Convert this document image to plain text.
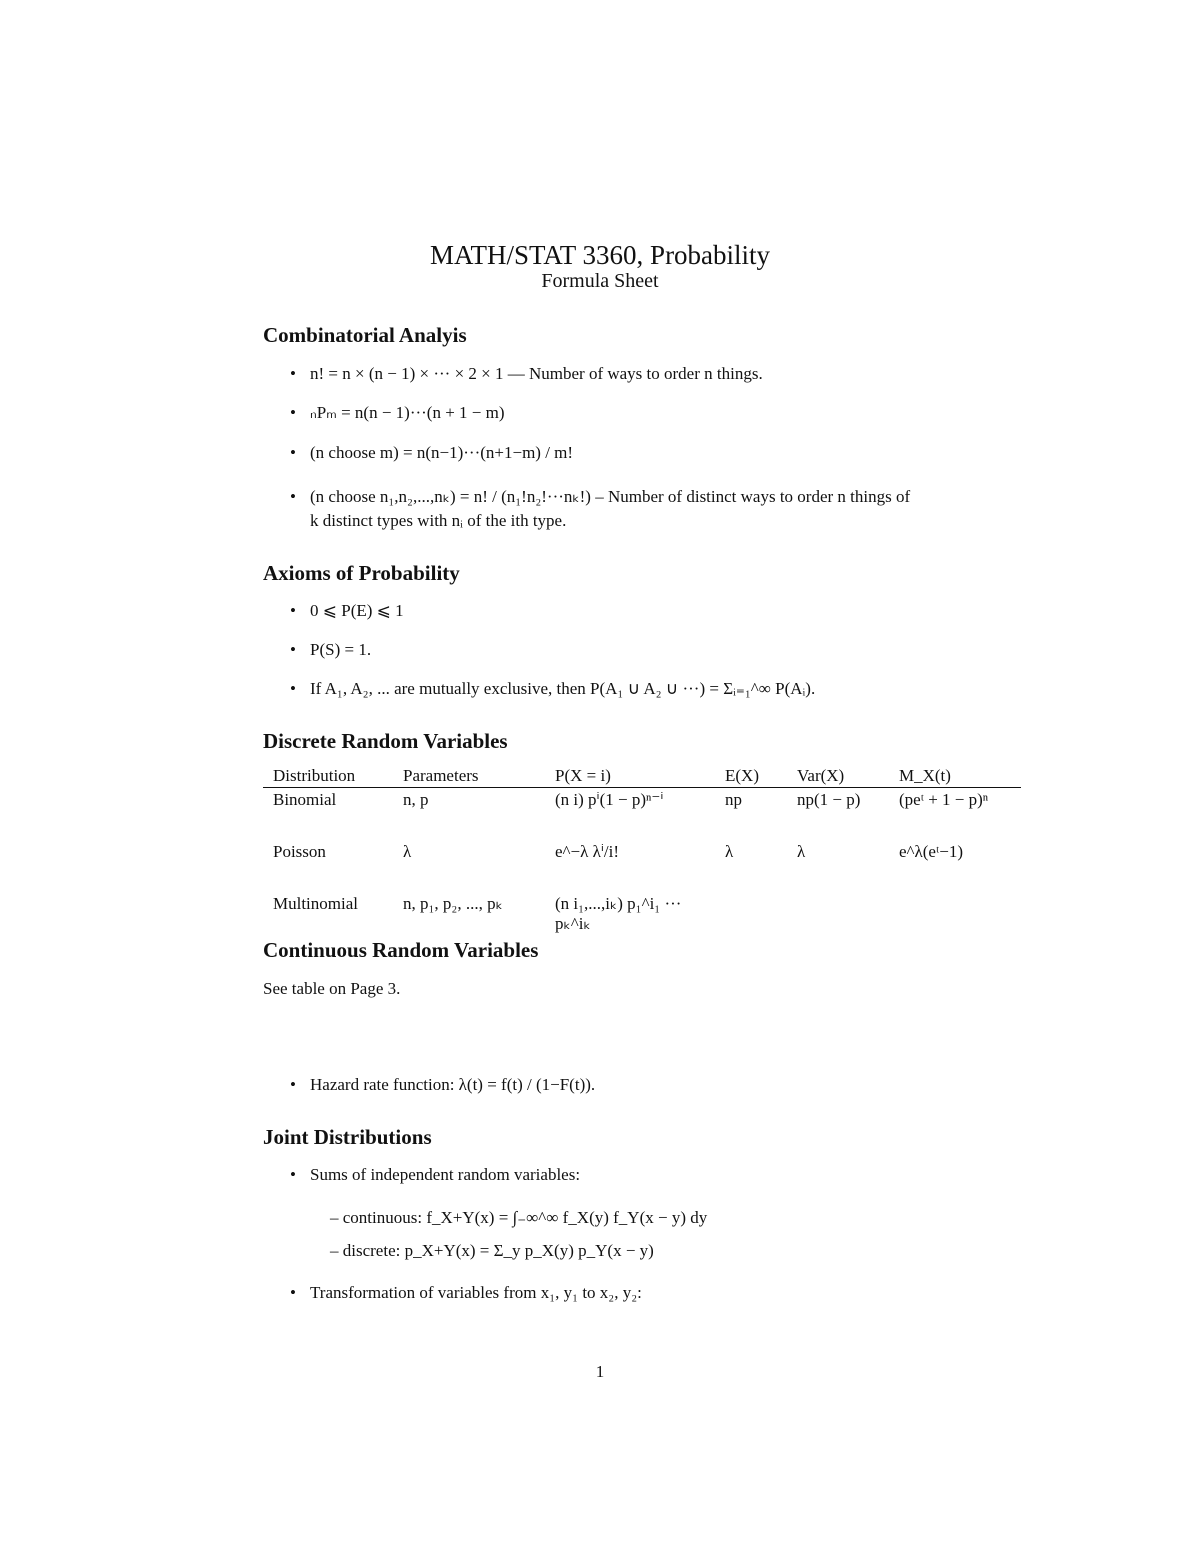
MATH/STAT 3360, Probability
Formula Sheet
Combinatorial Analyis
• n! = n × (n − 1) × ··· × 2 × 1 — Number of ways to order n things.
• ₙPₘ = n(n − 1)···(n + 1 − m)
• (n choose m) = n(n−1)···(n+1−m) / m!
• (n choose n₁,n₂,...,nₖ) = n! / (n₁!n₂!···nₖ!) – Number of distinct ways to order n things of
k distinct types with nᵢ of the ith type.
Axioms of Probability
• 0 ⩽ P(E) ⩽ 1
• P(S) = 1.
• If A₁, A₂, ... are mutually exclusive, then P(A₁ ∪ A₂ ∪ ···) = Σᵢ₌₁^∞ P(Aᵢ).
Discrete Random Variables
Distribution	Parameters	P(X = i)	E(X)	Var(X)	M_X(t)
Binomial	n, p	(n i) pⁱ(1 − p)ⁿ⁻ⁱ	np	np(1 − p)	(peᵗ + 1 − p)ⁿ
Poisson	λ	e^−λ λⁱ/i!	λ	λ	e^λ(eᵗ−1)
Multinomial	n, p₁, p₂, ..., pₖ	(n i₁,...,iₖ) p₁^i₁ ··· pₖ^iₖ			
Continuous Random Variables
See table on Page 3.
• Hazard rate function: λ(t) = f(t) / (1−F(t)).
Joint Distributions
• Sums of independent random variables:
– continuous: f_X+Y(x) = ∫₋∞^∞ f_X(y) f_Y(x − y) dy
– discrete: p_X+Y(x) = Σ_y p_X(y) p_Y(x − y)
• Transformation of variables from x₁, y₁ to x₂, y₂:
1
